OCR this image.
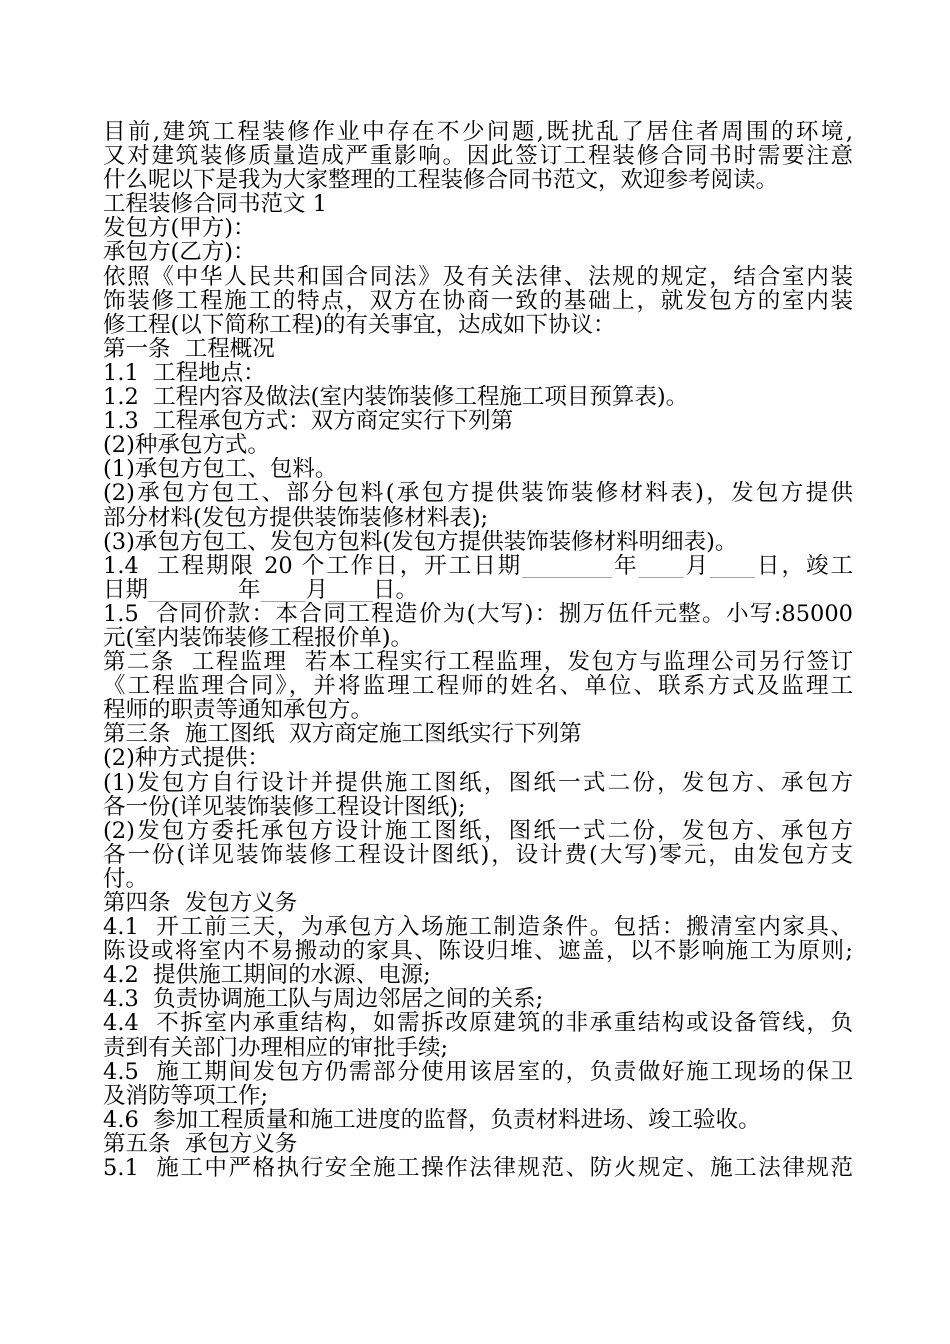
目前,建筑工程装修作业中存在不少问题,既扰乱了居住者周围的环境,
又对建筑装修质量造成严重影响。因此签订工程装修合同书时需要注意
什么呢以下是我为大家整理的工程装修合同书范文，欢迎参考阅读。
工程装修合同书范文 1
发包方(甲方)：
承包方(乙方)：
依照《中华人民共和国合同法》及有关法律、法规的规定，结合室内装
饰装修工程施工的特点，双方在协商一致的基础上，就发包方的室内装
修工程(以下简称工程)的有关事宜，达成如下协议：
第一条  工程概况
1.1  工程地点：
1.2  工程内容及做法(室内装饰装修工程施工项目预算表)。
1.3  工程承包方式：双方商定实行下列第
(2)种承包方式。
(1)承包方包工、包料。
(2)承包方包工、部分包料(承包方提供装饰装修材料表)，发包方提供
部分材料(发包方提供装饰装修材料表);
(3)承包方包工、发包方包料(发包方提供装饰装修材料明细表)。
1.4  工程期限 20 个工作日，开工日期________年____月____日，竣工
日期________年____月____日。
1.5  合同价款：本合同工程造价为(大写)：捌万伍仟元整。小写:85000
元(室内装饰装修工程报价单)。
第二条  工程监理  若本工程实行工程监理，发包方与监理公司另行签订
《工程监理合同》，并将监理工程师的姓名、单位、联系方式及监理工
程师的职责等通知承包方。
第三条  施工图纸  双方商定施工图纸实行下列第
(2)种方式提供：
(1)发包方自行设计并提供施工图纸，图纸一式二份，发包方、承包方
各一份(详见装饰装修工程设计图纸);
(2)发包方委托承包方设计施工图纸，图纸一式二份，发包方、承包方
各一份(详见装饰装修工程设计图纸)，设计费(大写)零元，由发包方支
付。
第四条  发包方义务
4.1  开工前三天，为承包方入场施工制造条件。包括：搬清室内家具、
陈设或将室内不易搬动的家具、陈设归堆、遮盖，以不影响施工为原则;
4.2  提供施工期间的水源、电源;
4.3  负责协调施工队与周边邻居之间的关系;
4.4  不拆室内承重结构，如需拆改原建筑的非承重结构或设备管线，负
责到有关部门办理相应的审批手续;
4.5  施工期间发包方仍需部分使用该居室的，负责做好施工现场的保卫
及消防等项工作;
4.6  参加工程质量和施工进度的监督，负责材料进场、竣工验收。
第五条  承包方义务
5.1  施工中严格执行安全施工操作法律规范、防火规定、施工法律规范
